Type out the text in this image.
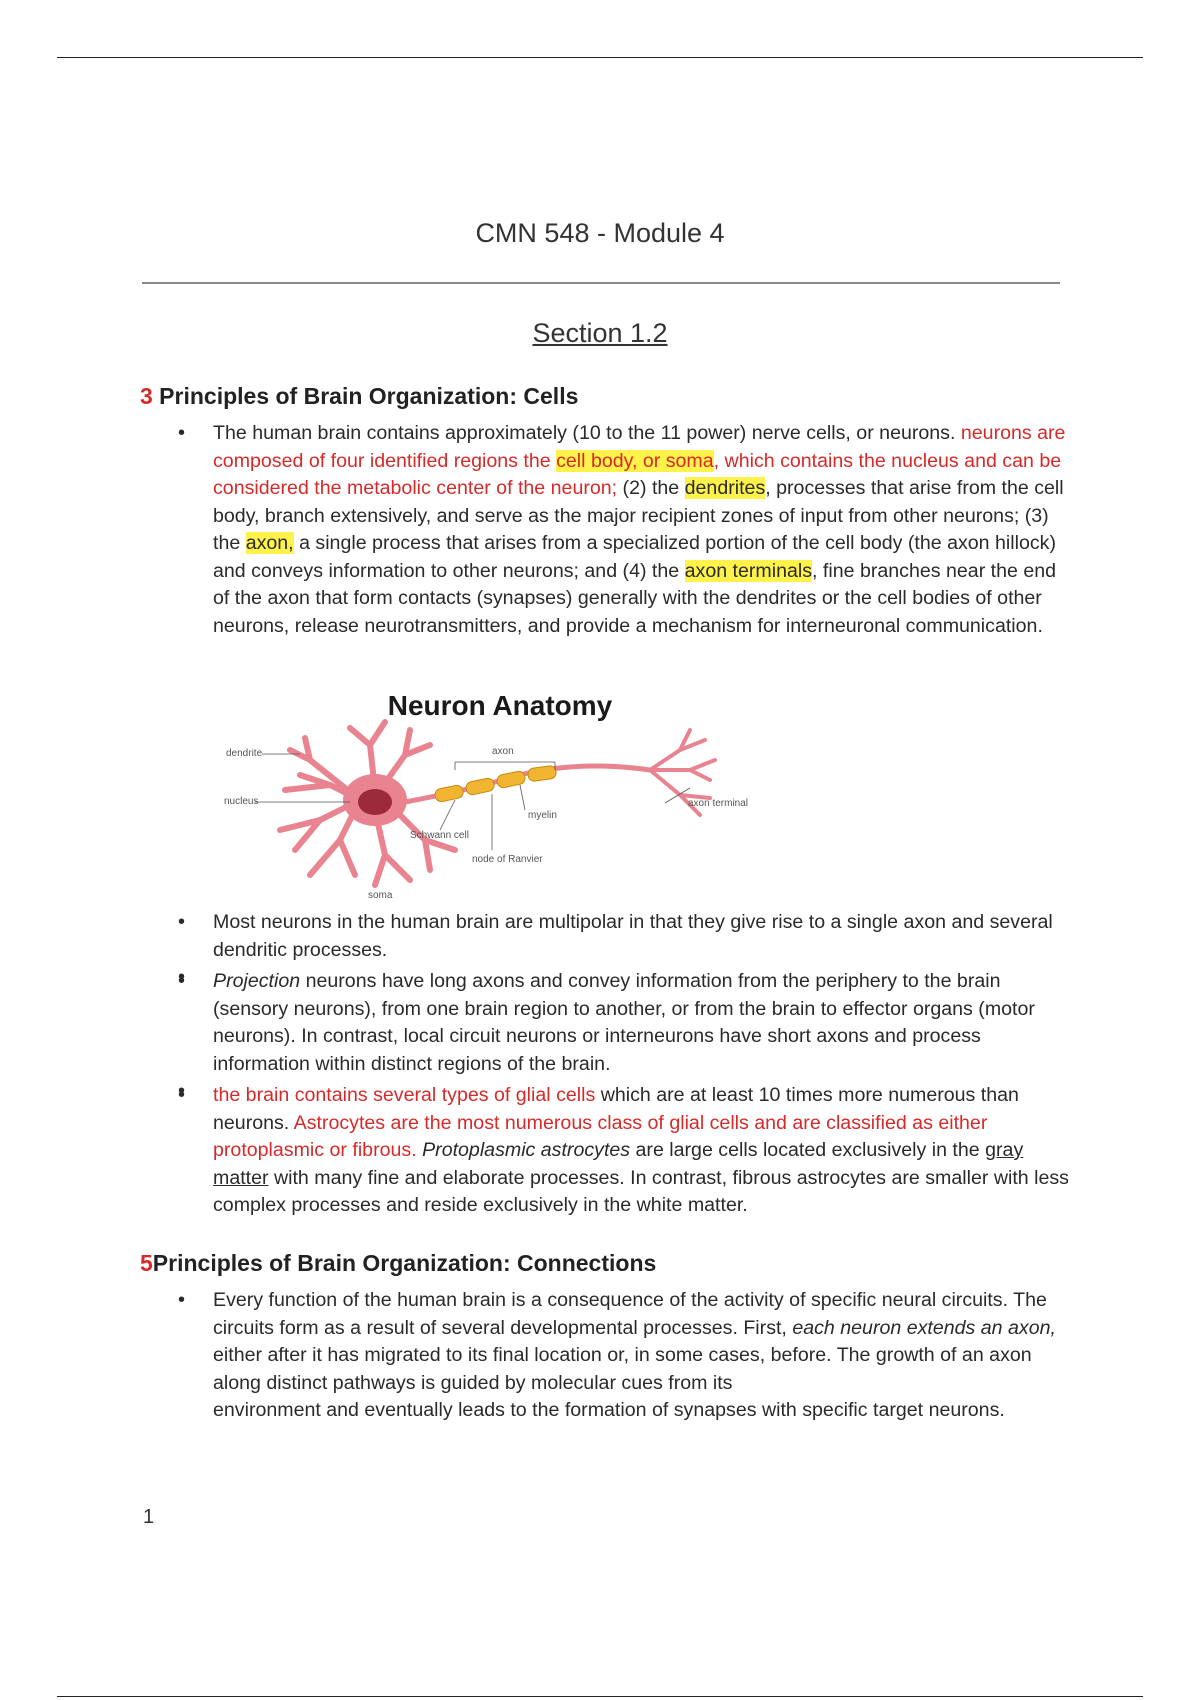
CMN 548 - Module 4
Section 1.2
3 Principles of Brain Organization: Cells
• The human brain contains approximately (10 to the 11 power) nerve cells, or neurons. neurons are composed of four identified regions the cell body, or soma, which contains the nucleus and can be considered the metabolic center of the neuron; (2) the dendrites, processes that arise from the cell body, branch extensively, and serve as the major recipient zones of input from other neurons; (3) the axon, a single process that arises from a specialized portion of the cell body (the axon hillock) and conveys information to other neurons; and (4) the axon terminals, fine branches near the end of the axon that form contacts (synapses) generally with the dendrites or the cell bodies of other neurons, release neurotransmitters, and provide a mechanism for interneuronal communication.
Neuron Anatomy
dendrite
nucleus
axon
myelin
axon terminal
Schwann cell
node of Ranvier
soma
• Most neurons in the human brain are multipolar in that they give rise to a single axon and several dendritic processes.
•
• Projection neurons have long axons and convey information from the periphery to the brain (sensory neurons), from one brain region to another, or from the brain to effector organs (motor neurons). In contrast, local circuit neurons or interneurons have short axons and process information within distinct regions of the brain.
•
• the brain contains several types of glial cells which are at least 10 times more numerous than neurons. Astrocytes are the most numerous class of glial cells and are classified as either protoplasmic or fibrous. Protoplasmic astrocytes are large cells located exclusively in the gray matter with many fine and elaborate processes. In contrast, fibrous astrocytes are smaller with less complex processes and reside exclusively in the white matter.
5Principles of Brain Organization: Connections
• Every function of the human brain is a consequence of the activity of specific neural circuits. The circuits form as a result of several developmental processes. First, each neuron extends an axon, either after it has migrated to its final location or, in some cases, before. The growth of an axon along distinct pathways is guided by molecular cues from its
environment and eventually leads to the formation of synapses with specific target neurons.
1
